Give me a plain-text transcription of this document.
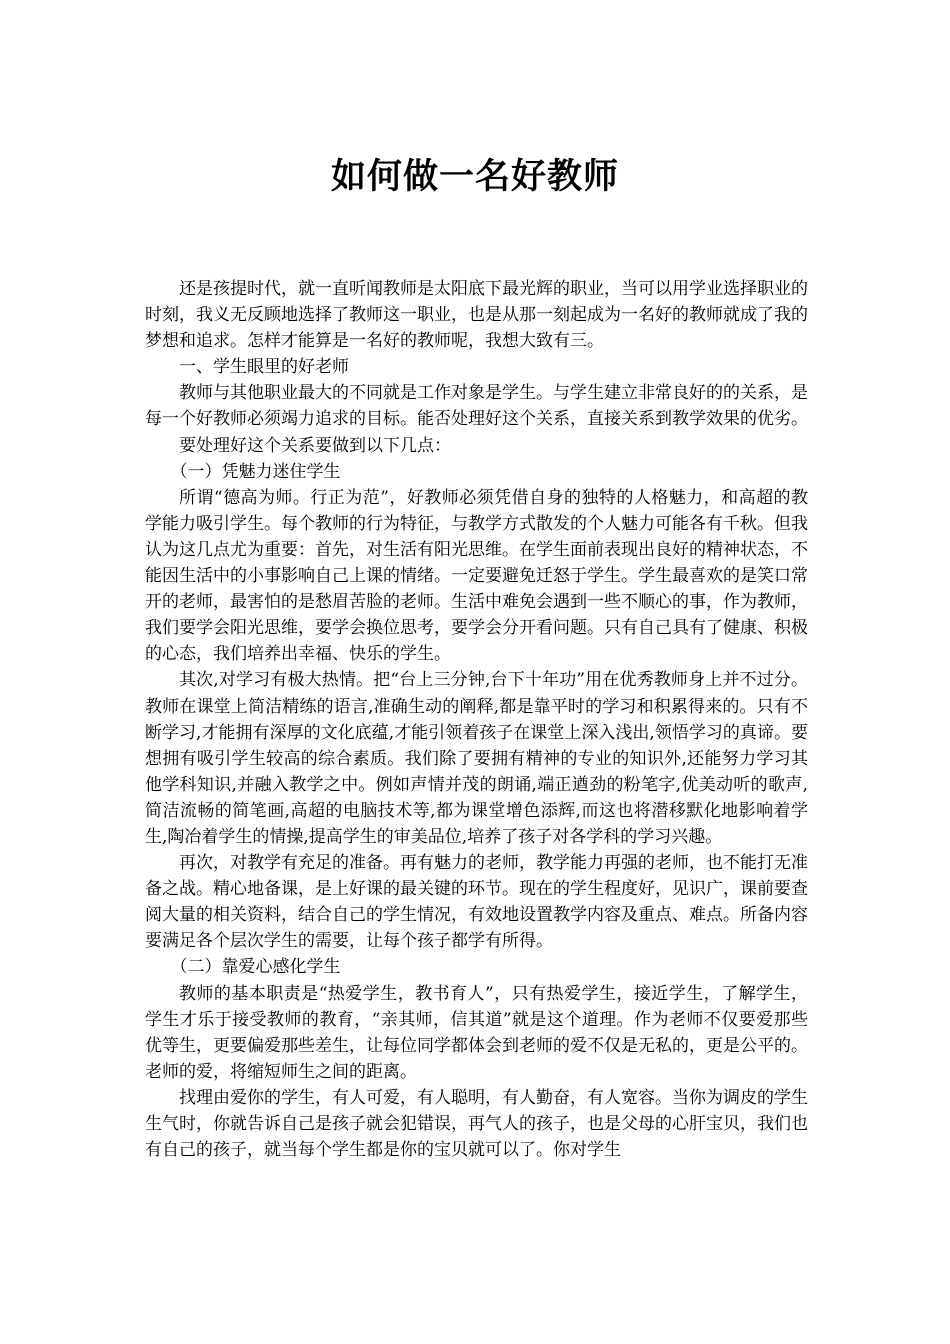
如何做一名好教师

还是孩提时代，就一直听闻教师是太阳底下最光辉的职业，当可以用学业选择职业的时刻，我义无反顾地选择了教师这一职业，也是从那一刻起成为一名好的教师就成了我的梦想和追求。怎样才能算是一名好的教师呢，我想大致有三。

一、学生眼里的好老师

教师与其他职业最大的不同就是工作对象是学生。与学生建立非常良好的的关系，是每一个好教师必须竭力追求的目标。能否处理好这个关系，直接关系到教学效果的优劣。

要处理好这个关系要做到以下几点：

（一）凭魅力迷住学生

所谓“德高为师。行正为范”，好教师必须凭借自身的独特的人格魅力，和高超的教学能力吸引学生。每个教师的行为特征，与教学方式散发的个人魅力可能各有千秋。但我认为这几点尤为重要：首先，对生活有阳光思维。在学生面前表现出良好的精神状态，不能因生活中的小事影响自己上课的情绪。一定要避免迁怒于学生。学生最喜欢的是笑口常开的老师，最害怕的是愁眉苦脸的老师。生活中难免会遇到一些不顺心的事，作为教师，我们要学会阳光思维，要学会换位思考，要学会分开看问题。只有自己具有了健康、积极的心态，我们培养出幸福、快乐的学生。

其次,对学习有极大热情。把“台上三分钟,台下十年功”用在优秀教师身上并不过分。教师在课堂上简洁精练的语言,准确生动的阐释,都是靠平时的学习和积累得来的。只有不断学习,才能拥有深厚的文化底蕴,才能引领着孩子在课堂上深入浅出,领悟学习的真谛。要想拥有吸引学生较高的综合素质。我们除了要拥有精神的专业的知识外,还能努力学习其他学科知识,并融入教学之中。例如声情并茂的朗诵,端正遒劲的粉笔字,优美动听的歌声,简洁流畅的简笔画,高超的电脑技术等,都为课堂增色添辉,而这也将潜移默化地影响着学生,陶冶着学生的情操,提高学生的审美品位,培养了孩子对各学科的学习兴趣。

再次，对教学有充足的准备。再有魅力的老师，教学能力再强的老师，也不能打无准备之战。精心地备课，是上好课的最关键的环节。现在的学生程度好，见识广，课前要查阅大量的相关资料，结合自己的学生情况，有效地设置教学内容及重点、难点。所备内容要满足各个层次学生的需要，让每个孩子都学有所得。

（二）靠爱心感化学生

教师的基本职责是“热爱学生，教书育人”，只有热爱学生，接近学生，了解学生，学生才乐于接受教师的教育，“亲其师，信其道”就是这个道理。作为老师不仅要爱那些优等生，更要偏爱那些差生，让每位同学都体会到老师的爱不仅是无私的，更是公平的。老师的爱，将缩短师生之间的距离。

找理由爱你的学生，有人可爱，有人聪明，有人勤奋，有人宽容。当你为调皮的学生生气时，你就告诉自己是孩子就会犯错误，再气人的孩子，也是父母的心肝宝贝，我们也有自己的孩子，就当每个学生都是你的宝贝就可以了。你对学生
